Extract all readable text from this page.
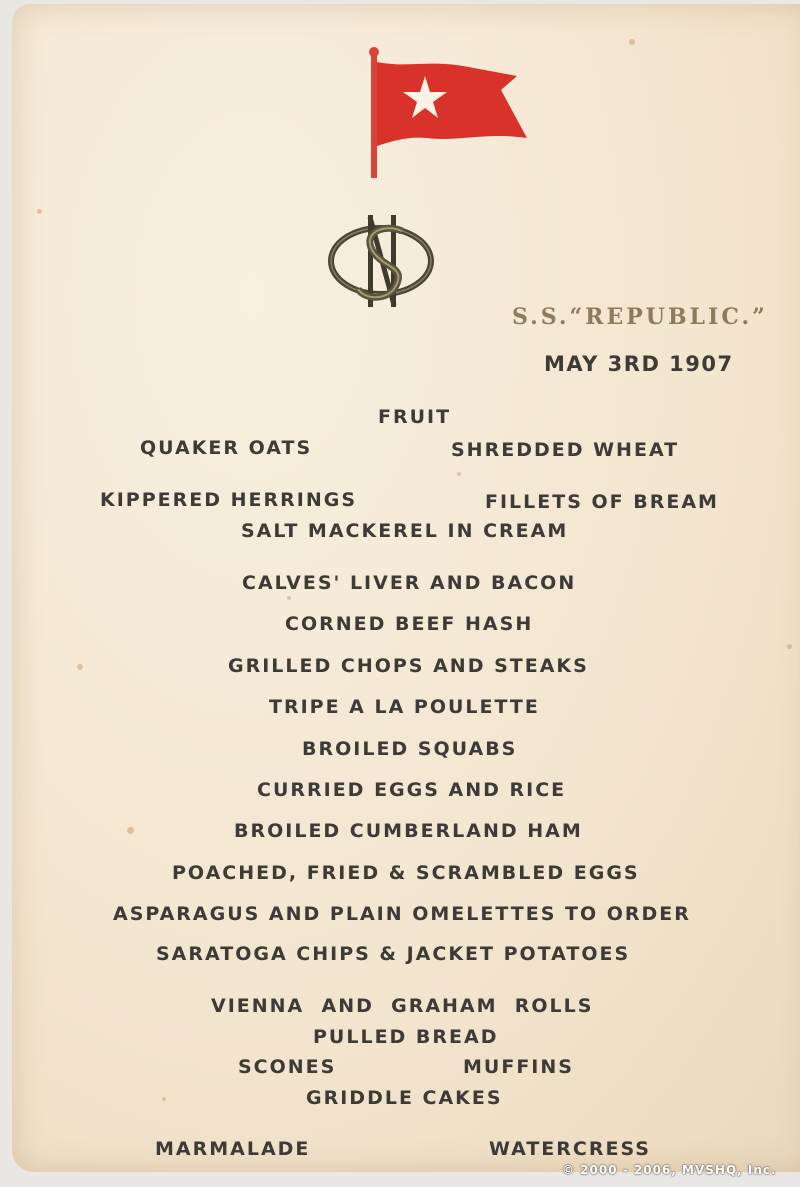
OSN
S.S.“REPUBLIC.”
MAY 3RD 1907
FRUIT
QUAKER OATS	SHREDDED WHEAT
KIPPERED HERRINGS	FILLETS OF BREAM
SALT MACKEREL IN CREAM
CALVES' LIVER AND BACON
CORNED BEEF HASH
GRILLED CHOPS AND STEAKS
TRIPE A LA POULETTE
BROILED SQUABS
CURRIED EGGS AND RICE
BROILED CUMBERLAND HAM
POACHED, FRIED & SCRAMBLED EGGS
ASPARAGUS AND PLAIN OMELETTES TO ORDER
SARATOGA CHIPS & JACKET POTATOES
VIENNA  AND  GRAHAM  ROLLS
PULLED BREAD
SCONES	MUFFINS
GRIDDLE CAKES
MARMALADE	WATERCRESS
© 2000 - 2006, MVSHQ, Inc.
